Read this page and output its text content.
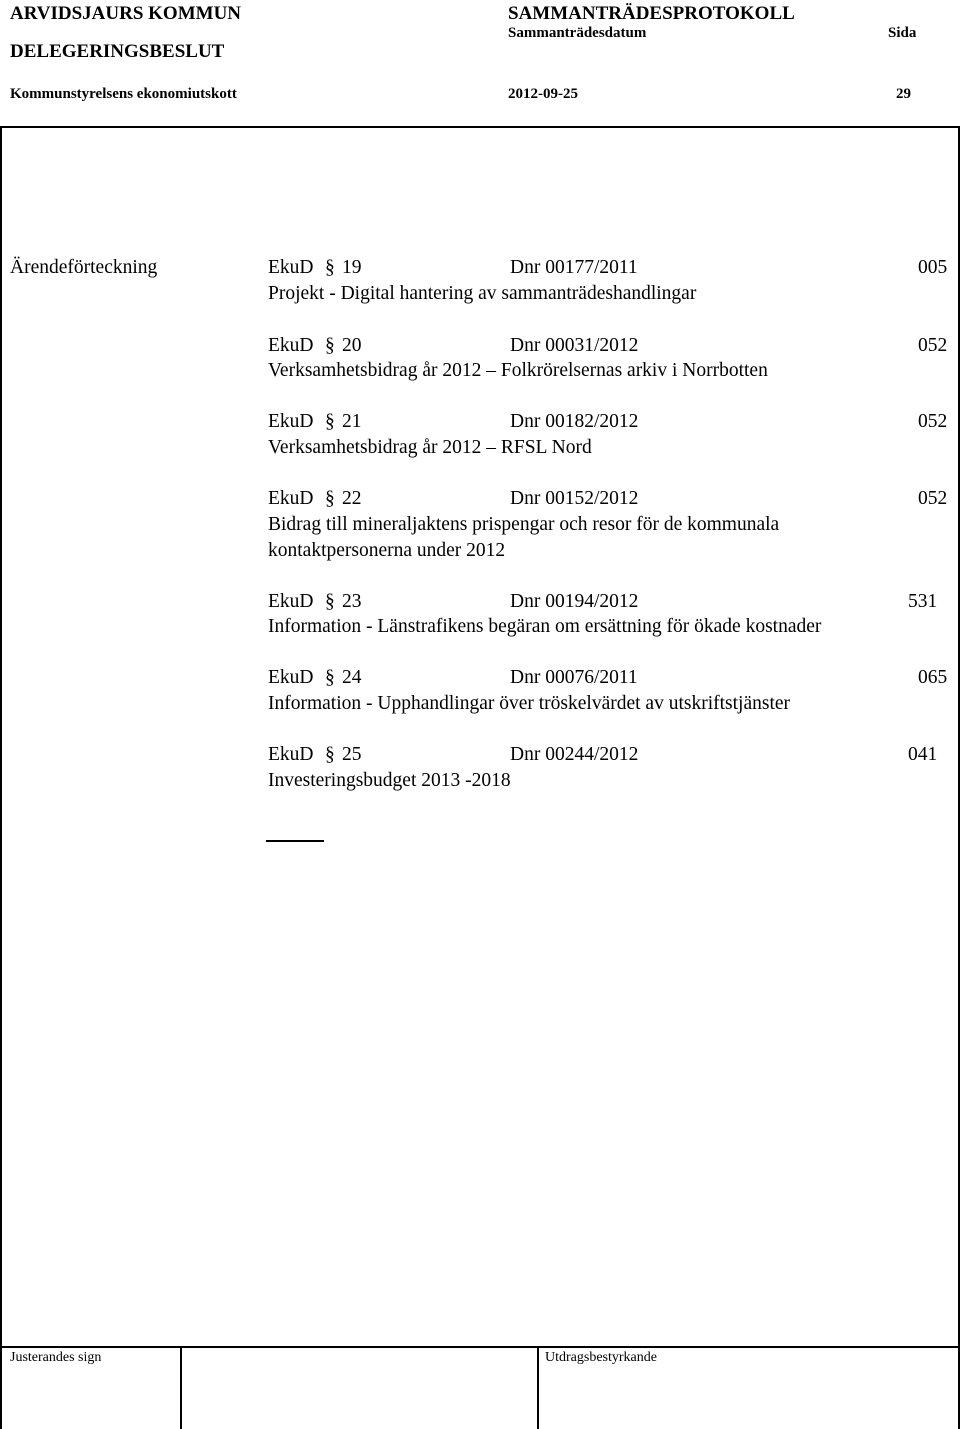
ARVIDSJAURS KOMMUN	SAMMANTRÄDESPROTOKOLL
DELEGERINGSBESLUT
Sammanträdesdatum	Sida
Kommunstyrelsens ekonomiutskott	2012-09-25	29
Ärendeförteckning	EkuD § 19	Dnr 00177/2011	005
Projekt - Digital hantering av sammanträdeshandlingar
EkuD § 20	Dnr 00031/2012	052
Verksamhetsbidrag år 2012 – Folkrörelsernas arkiv i Norrbotten
EkuD § 21	Dnr 00182/2012	052
Verksamhetsbidrag år 2012 – RFSL Nord
EkuD § 22	Dnr 00152/2012	052
Bidrag till mineraljaktens prispengar och resor för de kommunala
kontaktpersonerna under 2012
EkuD § 23	Dnr 00194/2012	531
Information - Länstrafikens begäran om ersättning för ökade kostnader
EkuD § 24	Dnr 00076/2011	065
Information - Upphandlingar över tröskelvärdet av utskriftstjänster
EkuD § 25	Dnr 00244/2012	041
Investeringsbudget 2013 -2018
Justerandes sign	Utdragsbestyrkande
